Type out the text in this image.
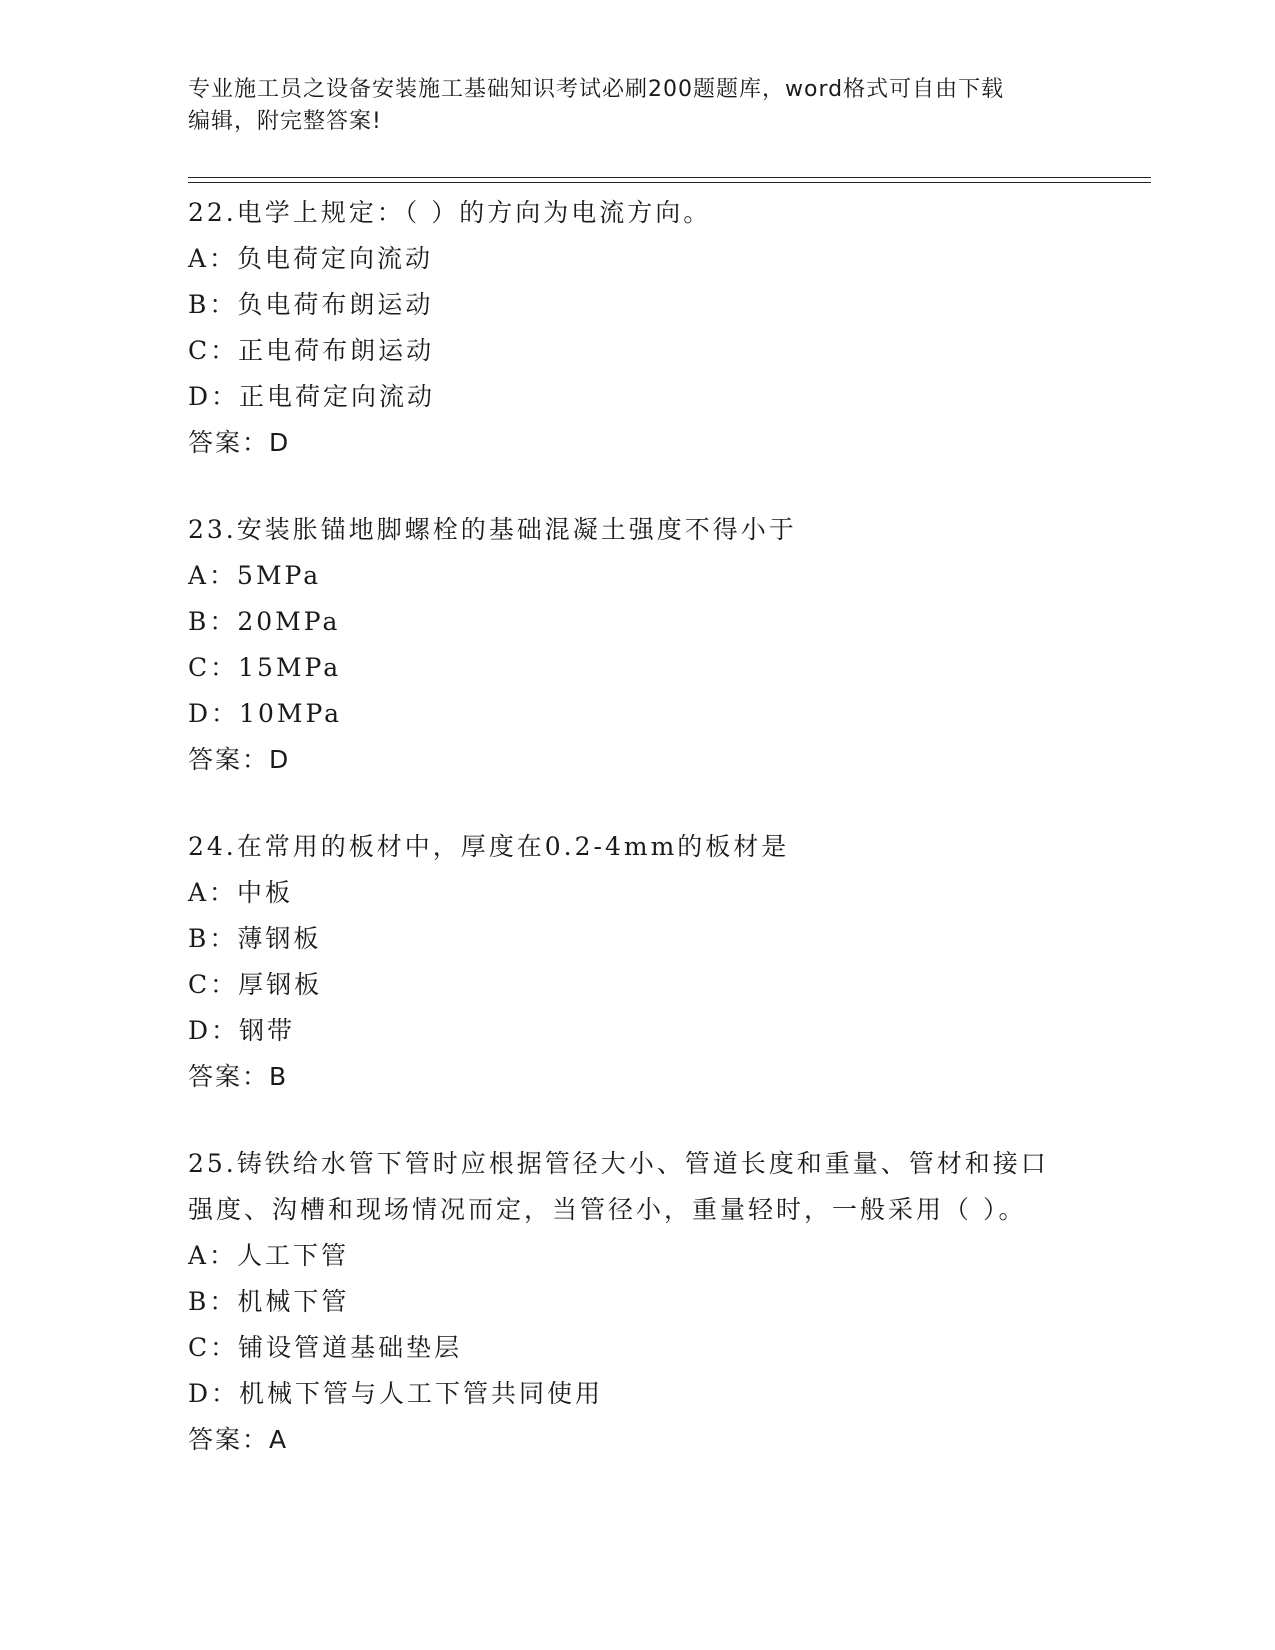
专业施工员之设备安装施工基础知识考试必刷200题题库，word格式可自由下载
编辑，附完整答案!
22.电学上规定：（ ）的方向为电流方向。
A：负电荷定向流动
B：负电荷布朗运动
C：正电荷布朗运动
D：正电荷定向流动
答案：D
23.安装胀锚地脚螺栓的基础混凝土强度不得小于
A：5MPa
B：20MPa
C：15MPa
D：10MPa
答案：D
24.在常用的板材中，厚度在0.2-4mm的板材是
A：中板
B：薄钢板
C：厚钢板
D：钢带
答案：B
25.铸铁给水管下管时应根据管径大小、管道长度和重量、管材和接口
强度、沟槽和现场情况而定，当管径小，重量轻时，一般采用（ ）。
A：人工下管
B：机械下管
C：铺设管道基础垫层
D：机械下管与人工下管共同使用
答案：A
